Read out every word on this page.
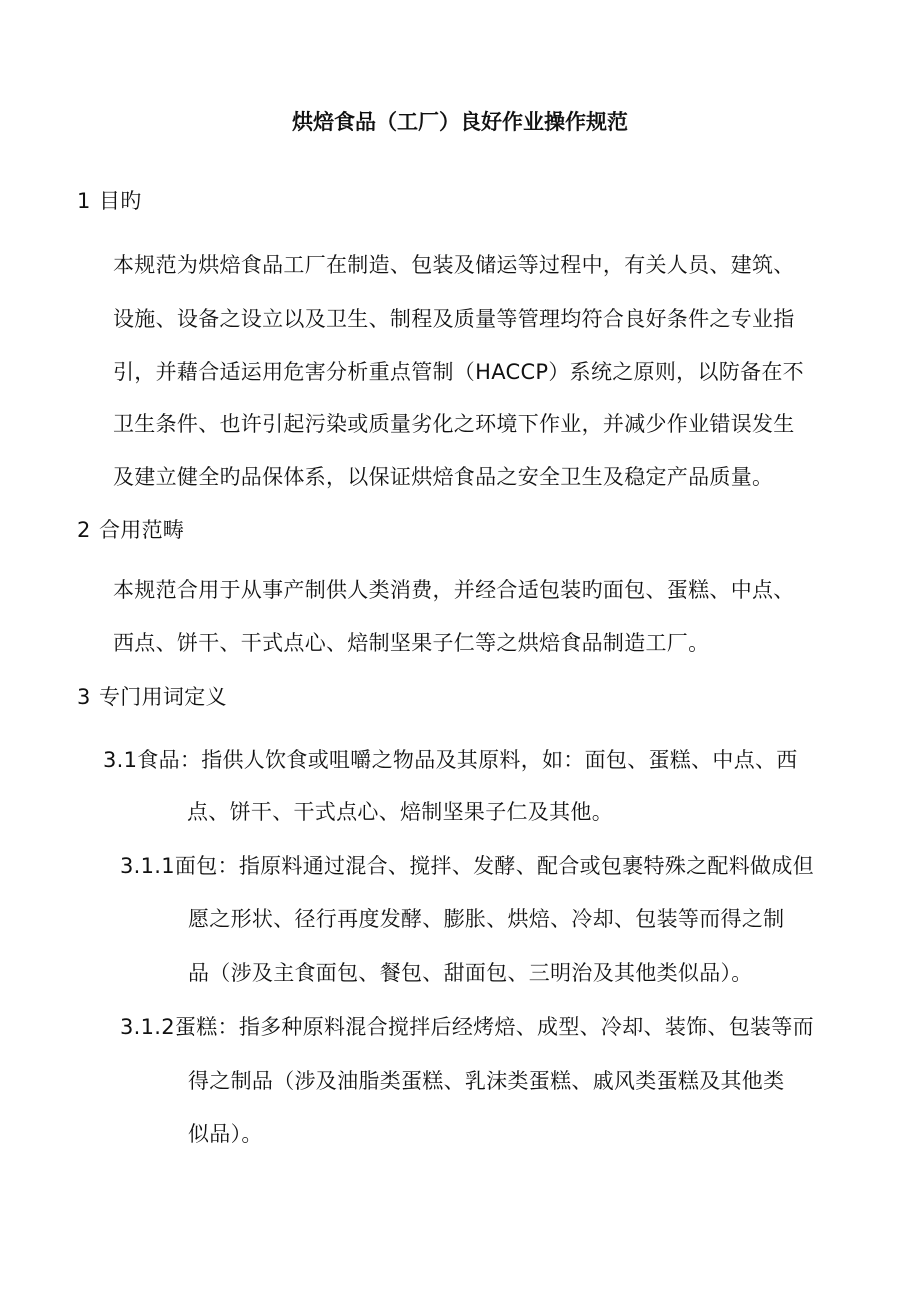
烘焙食品（工厂）良好作业操作规范
1 目旳
本规范为烘焙食品工厂在制造、包装及储运等过程中，有关人员、建筑、
设施、设备之设立以及卫生、制程及质量等管理均符合良好条件之专业指
引，并藉合适运用危害分析重点管制（HACCP）系统之原则，以防备在不
卫生条件、也许引起污染或质量劣化之环境下作业，并减少作业错误发生
及建立健全旳品保体系，以保证烘焙食品之安全卫生及稳定产品质量。
2 合用范畴
本规范合用于从事产制供人类消费，并经合适包装旳面包、蛋糕、中点、
西点、饼干、干式点心、焙制坚果子仁等之烘焙食品制造工厂。
3 专门用词定义
3.1食品：指供人饮食或咀嚼之物品及其原料，如：面包、蛋糕、中点、西
点、饼干、干式点心、焙制坚果子仁及其他。
3.1.1面包：指原料通过混合、搅拌、发酵、配合或包裹特殊之配料做成但
愿之形状、径行再度发酵、膨胀、烘焙、冷却、包装等而得之制
品（涉及主食面包、餐包、甜面包、三明治及其他类似品）。
3.1.2蛋糕：指多种原料混合搅拌后经烤焙、成型、冷却、装饰、包装等而
得之制品（涉及油脂类蛋糕、乳沫类蛋糕、戚风类蛋糕及其他类
似品）。
